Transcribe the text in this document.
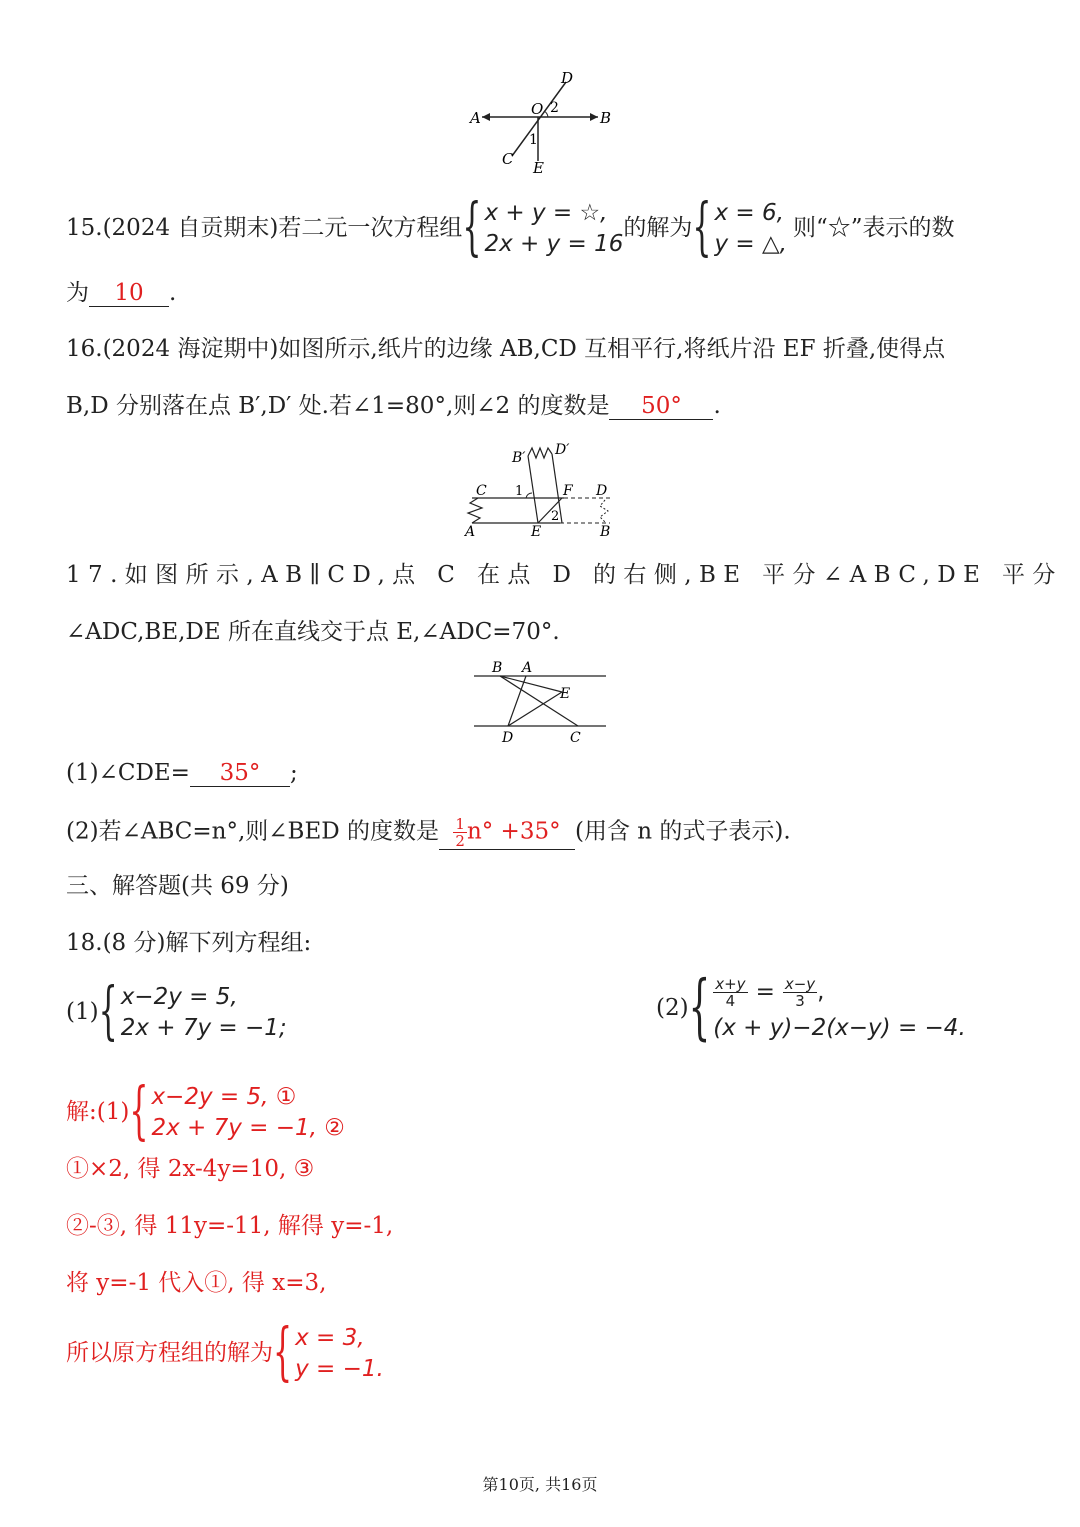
A	B
D
O 2
1
C E
15.(2024 自贡期末)若二元一次方程组 { x + y = ☆,
2x + y = 16
的解为 { x = 6,
y = △,
则“☆”表示的数
为 10 .
16.(2024 海淀期中)如图所示,纸片的边缘 AB,CD 互相平行,将纸片沿 EF 折叠,使得点
B,D 分别落在点 B′,D′ 处.若∠1=80°,则∠2 的度数是 50° .
B′ D′
C 1	F D
2
A	E	B
17.如图所示,AB∥CD,点 C 在点 D 的右侧,BE 平分∠ABC,DE 平分
∠ADC,BE,DE 所在直线交于点 E,∠ADC=70°.
B A
E
D	C
(1)∠CDE= 35° ;
(2)若∠ABC=n°,则∠BED 的度数是 $\frac{1}{2} n^\circ +35^\circ$ (用含 n 的式子表示).
三、解答题(共 69 分)
18.(8 分)解下列方程组:
(1) { x−2y = 5,
2x + 7y = −1;
(2) { $\frac{x+y}{4} = \frac{x-y}{3}$ ,
(x + y)−2(x−y) = −4.
解:(1) { x−2y = 5, ①
2x + 7y = −1, ②
①×2, 得 2x-4y=10, ③
②-③, 得 11y=-11, 解得 y=-1,
将 y=-1 代入①, 得 x=3,
所以原方程组的解为 { x = 3,
y = −1.
第10页, 共16页
